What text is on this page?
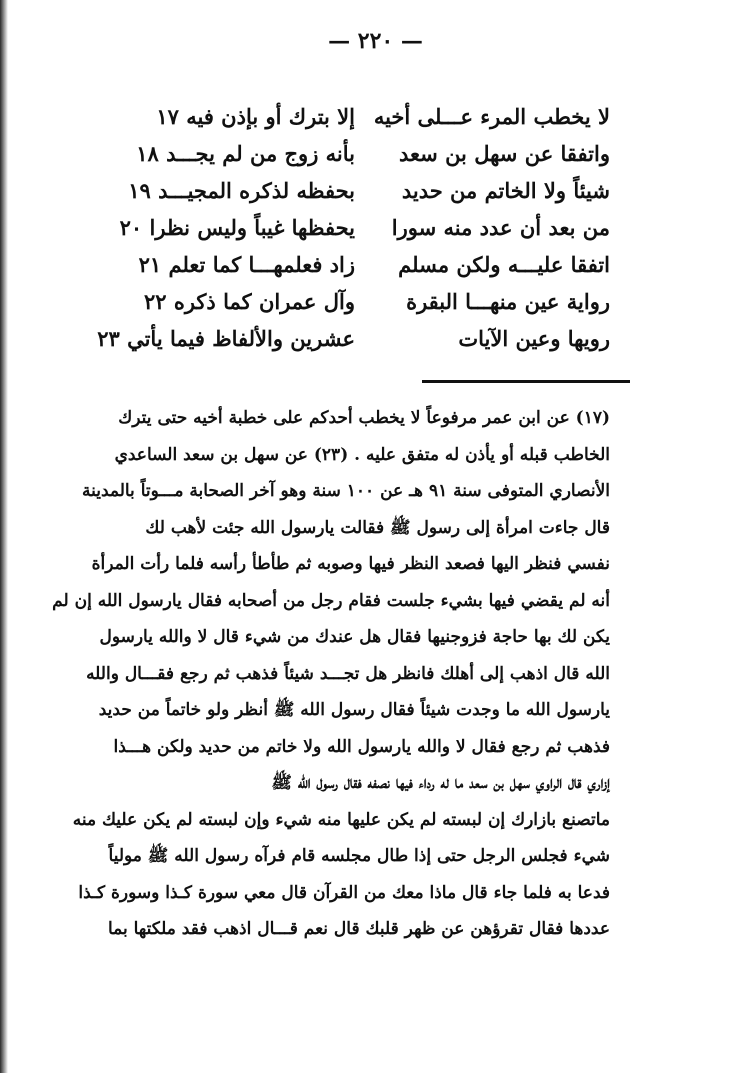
— ٢٢٠ —
لا يخطب المرء عـــلى أخيه
إلا بترك أو بإذن فيه ١٧
واتفقا عن سهل بن سعد
بأنه زوج من لم يجـــد ١٨
شيئاً ولا الخاتم من حديد
بحفظه لذكره المجيـــد ١٩
من بعد أن عدد منه سورا
يحفظها غيباً وليس نظرا ٢٠
اتفقا عليـــه ولكن مسلم
زاد فعلمهـــا كما تعلم ٢١
رواية عين منهـــا البقرة
وآل عمران كما ذكره ٢٢
رويها وعين الآيات
عشرين والألفاظ فيما يأتي ٢٣
(١٧) عن ابن عمر مرفوعاً لا يخطب أحدكم على خطبة أخيه حتى يترك
الخاطب قبله أو يأذن له متفق عليه . (٢٣) عن سهل بن سعد الساعدي
الأنصاري المتوفى سنة ٩١ هـ عن ١٠٠ سنة وهو آخر الصحابة مـــوتاً بالمدينة
قال جاءت امرأة إلى رسول ﷺ فقالت يارسول الله جئت لأهب لك
نفسي فنظر اليها فصعد النظر فيها وصوبه ثم طأطأ رأسه فلما رأت المرأة
أنه لم يقضي فيها بشيء جلست فقام رجل من أصحابه فقال يارسول الله إن لم
يكن لك بها حاجة فزوجنيها فقال هل عندك من شيء قال لا والله يارسول
الله قال اذهب إلى أهلك فانظر هل تجـــد شيئاً فذهب ثم رجع فقـــال والله
يارسول الله ما وجدت شيئاً فقال رسول الله ﷺ أنظر ولو خاتماً من حديد
فذهب ثم رجع فقال لا والله يارسول الله ولا خاتم من حديد ولكن هـــذا
إزاري قال الراوي سهل بن سعد ما له رداء فيها نصفه فقال رسول الله ﷺ
ماتصنع بازارك إن لبسته لم يكن عليها منه شيء وإن لبسته لم يكن عليك منه
شيء فجلس الرجل حتى إذا طال مجلسه قام فرآه رسول الله ﷺ مولياً
فدعا به فلما جاء قال ماذا معك من القرآن قال معي سورة كـذا وسورة كـذا
عددها فقال تقرؤهن عن ظهر قلبك قال نعم قـــال اذهب فقد ملكتها بما
